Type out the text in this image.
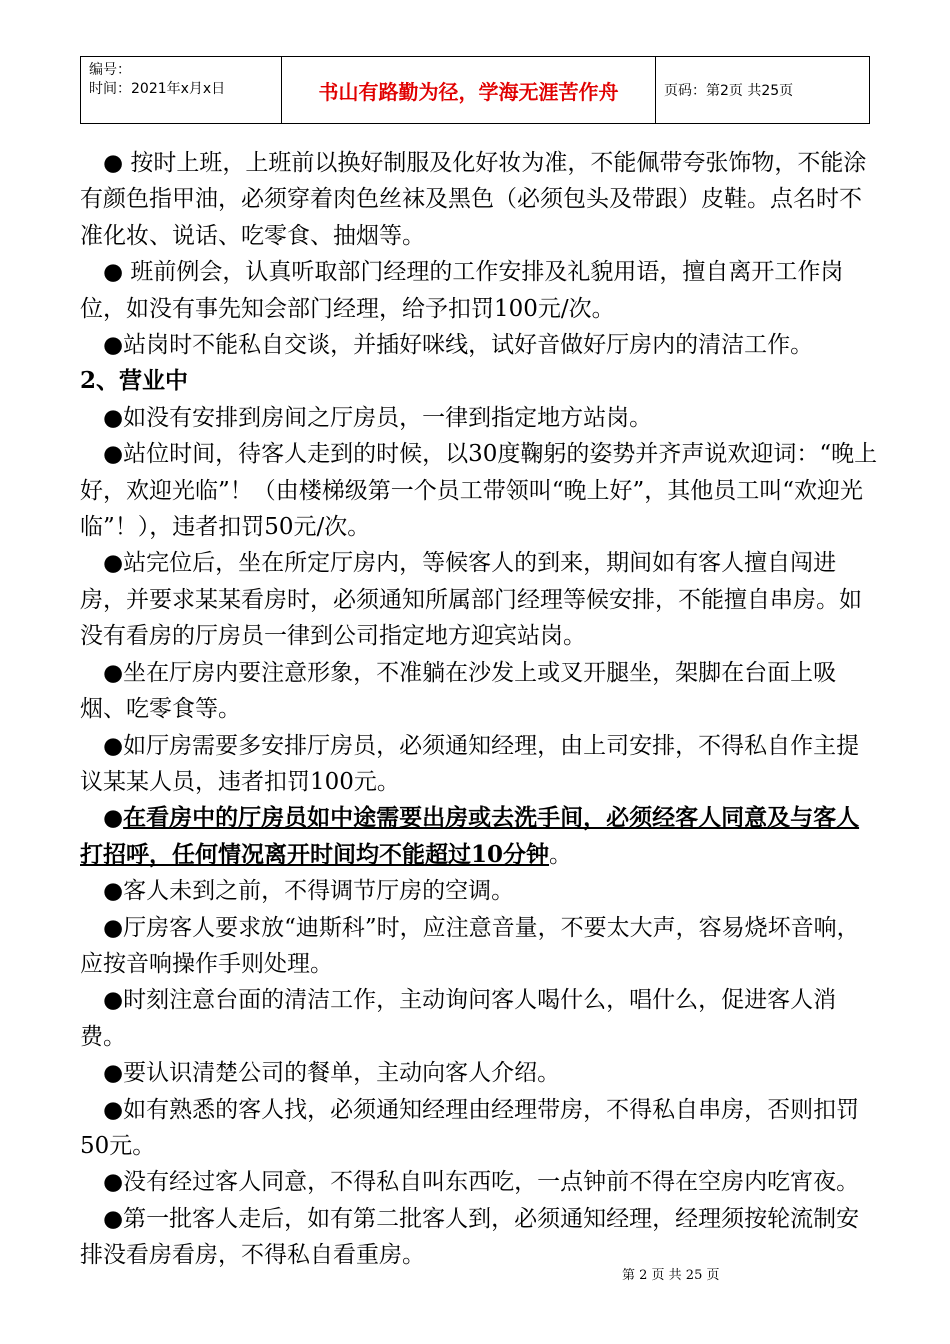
编号：
时间：2021年x月x日	书山有路勤为径，学海无涯苦作舟	页码：第2页 共25页

● 按时上班，上班前以换好制服及化好妆为准，不能佩带夸张饰物，不能涂有颜色指甲油，必须穿着肉色丝袜及黑色（必须包头及带跟）皮鞋。点名时不准化妆、说话、吃零食、抽烟等。

● 班前例会，认真听取部门经理的工作安排及礼貌用语，擅自离开工作岗位，如没有事先知会部门经理，给予扣罚100元/次。

●站岗时不能私自交谈，并插好咪线，试好音做好厅房内的清洁工作。

2、营业中

●如没有安排到房间之厅房员，一律到指定地方站岗。

●站位时间，待客人走到的时候，以30度鞠躬的姿势并齐声说欢迎词：“晚上好，欢迎光临”！（由楼梯级第一个员工带领叫“晚上好”，其他员工叫“欢迎光临”！），违者扣罚50元/次。

●站完位后，坐在所定厅房内，等候客人的到来，期间如有客人擅自闯进房，并要求某某看房时，必须通知所属部门经理等候安排，不能擅自串房。如没有看房的厅房员一律到公司指定地方迎宾站岗。

●坐在厅房内要注意形象，不准躺在沙发上或叉开腿坐，架脚在台面上吸烟、吃零食等。

●如厅房需要多安排厅房员，必须通知经理，由上司安排，不得私自作主提议某某人员，违者扣罚100元。

●在看房中的厅房员如中途需要出房或去洗手间，必须经客人同意及与客人打招呼，任何情况离开时间均不能超过10分钟。

●客人未到之前，不得调节厅房的空调。

●厅房客人要求放“迪斯科”时，应注意音量，不要太大声，容易烧坏音响，应按音响操作手则处理。

●时刻注意台面的清洁工作，主动询问客人喝什么，唱什么，促进客人消费。

●要认识清楚公司的餐单，主动向客人介绍。

●如有熟悉的客人找，必须通知经理由经理带房，不得私自串房，否则扣罚50元。

●没有经过客人同意，不得私自叫东西吃，一点钟前不得在空房内吃宵夜。

●第一批客人走后，如有第二批客人到，必须通知经理，经理须按轮流制安排没看房看房，不得私自看重房。

第 2 页 共 25 页
